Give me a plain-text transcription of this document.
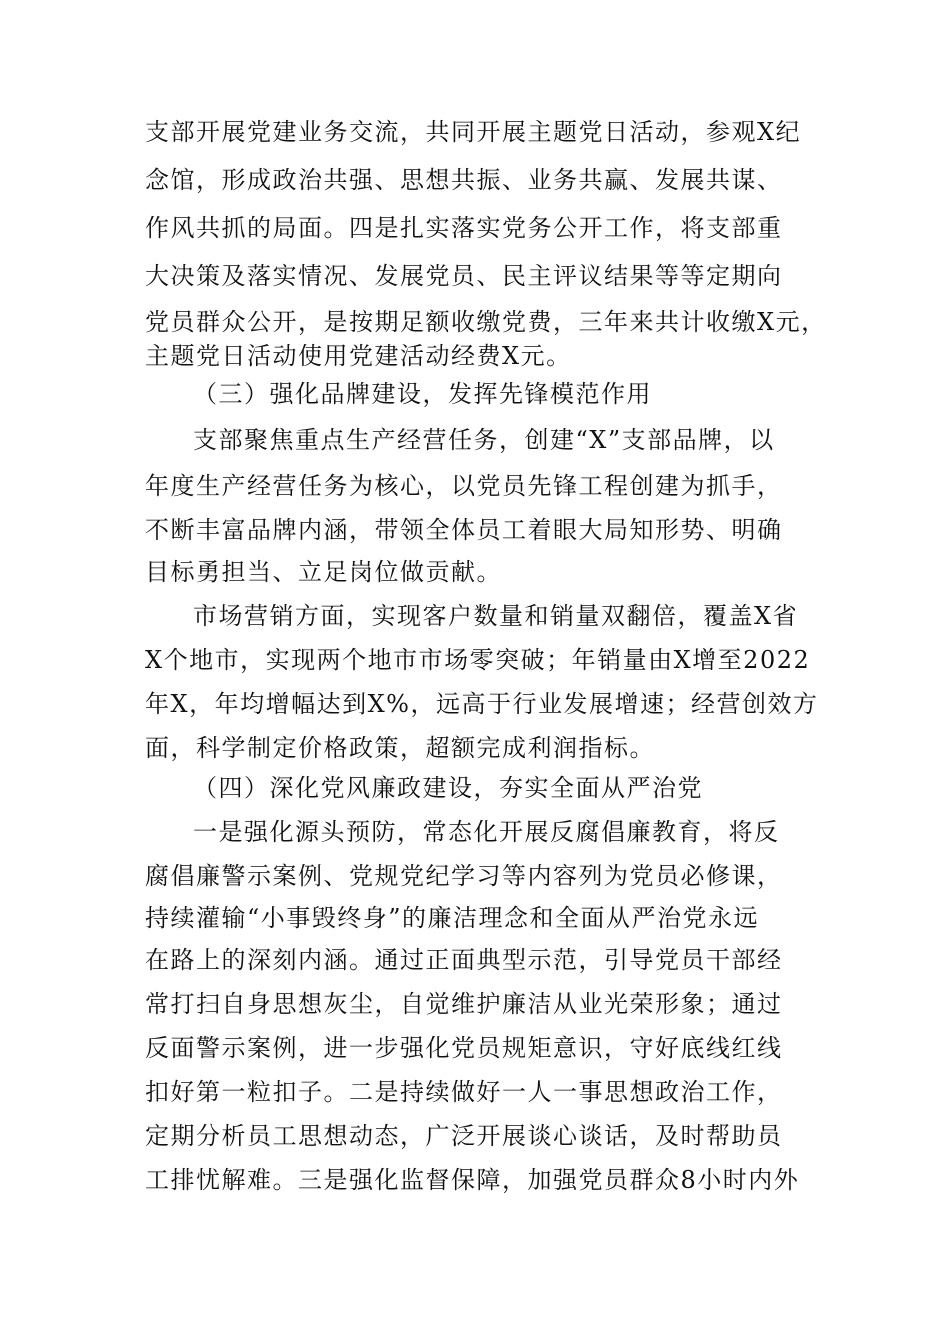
支部开展党建业务交流，共同开展主题党日活动，参观X纪
念馆，形成政治共强、思想共振、业务共赢、发展共谋、
作风共抓的局面。四是扎实落实党务公开工作，将支部重
大决策及落实情况、发展党员、民主评议结果等等定期向
党员群众公开，是按期足额收缴党费，三年来共计收缴X元，
主题党日活动使用党建活动经费X元。
（三）强化品牌建设，发挥先锋模范作用
支部聚焦重点生产经营任务，创建“X”支部品牌，以
年度生产经营任务为核心，以党员先锋工程创建为抓手，
不断丰富品牌内涵，带领全体员工着眼大局知形势、明确
目标勇担当、立足岗位做贡献。
市场营销方面，实现客户数量和销量双翻倍，覆盖X省
X个地市，实现两个地市市场零突破；年销量由X增至2022
年X，年均增幅达到X%，远高于行业发展增速；经营创效方
面，科学制定价格政策，超额完成利润指标。
（四）深化党风廉政建设，夯实全面从严治党
一是强化源头预防，常态化开展反腐倡廉教育，将反
腐倡廉警示案例、党规党纪学习等内容列为党员必修课，
持续灌输“小事毁终身”的廉洁理念和全面从严治党永远
在路上的深刻内涵。通过正面典型示范，引导党员干部经
常打扫自身思想灰尘，自觉维护廉洁从业光荣形象；通过
反面警示案例，进一步强化党员规矩意识，守好底线红线
扣好第一粒扣子。二是持续做好一人一事思想政治工作，
定期分析员工思想动态，广泛开展谈心谈话，及时帮助员
工排忧解难。三是强化监督保障，加强党员群众8小时内外
